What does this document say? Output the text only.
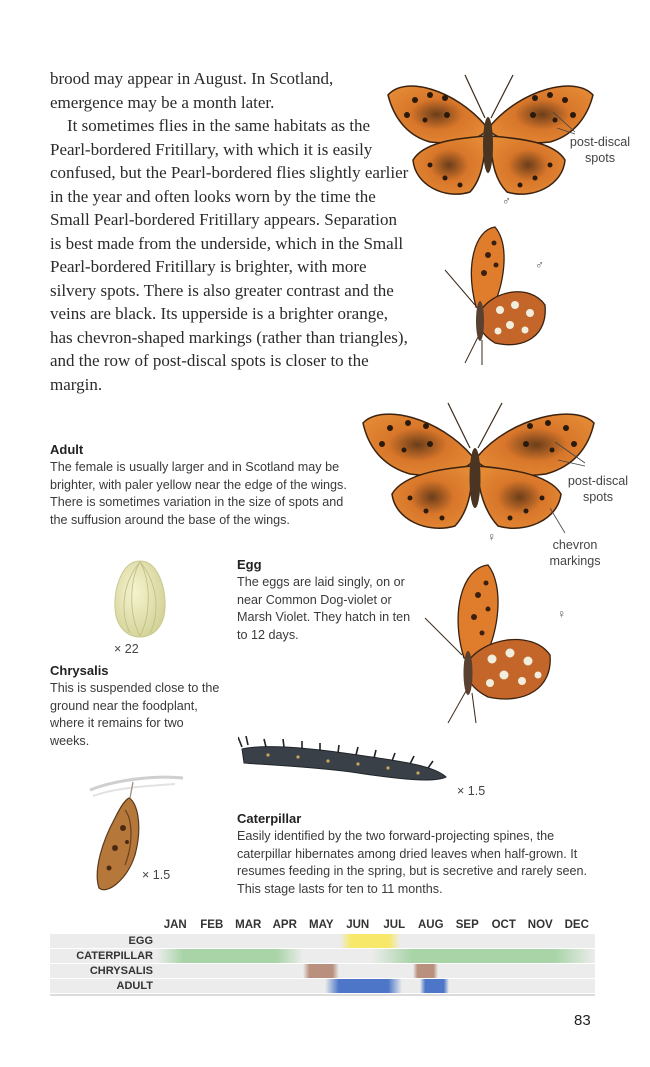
brood may appear in August. In Scotland, emergence may be a month later.

It sometimes flies in the same habitats as the Pearl-bordered Fritillary, with which it is easily confused, but the Pearl-bordered flies slightly earlier in the year and often looks worn by the time the Small Pearl-bordered Fritillary appears. Separation is best made from the underside, which in the Small Pearl-bordered Fritillary is brighter, with more silvery spots. There is also greater contrast and the veins are black. Its upperside is a brighter orange, has chevron-shaped markings (rather than triangles), and the row of post-discal spots is closer to the margin.

post-discal spots
♂
♂
post-discal spots
chevron markings
♀
Adult
The female is usually larger and in Scotland may be brighter, with paler yellow near the edge of the wings. There is sometimes variation in the size of spots and the suffusion around the base of the wings.
× 22
Egg
The eggs are laid singly, on or near Common Dog-violet or Marsh Violet. They hatch in ten to 12 days.
♀
Chrysalis
This is suspended close to the ground near the foodplant, where it remains for two weeks.
× 1.5
× 1.5
Caterpillar
Easily identified by the two forward-projecting spines, the caterpillar hibernates among dried leaves when half-grown. It resumes feeding in the spring, but is secretive and rarely seen. This stage lasts for ten to 11 months.
JAN	FEB	MAR APR	MAY	JUN	JUL	AUG	SEP	OCT	NOV	DEC
EGG
CATERPILLAR
CHRYSALIS
ADULT
83
